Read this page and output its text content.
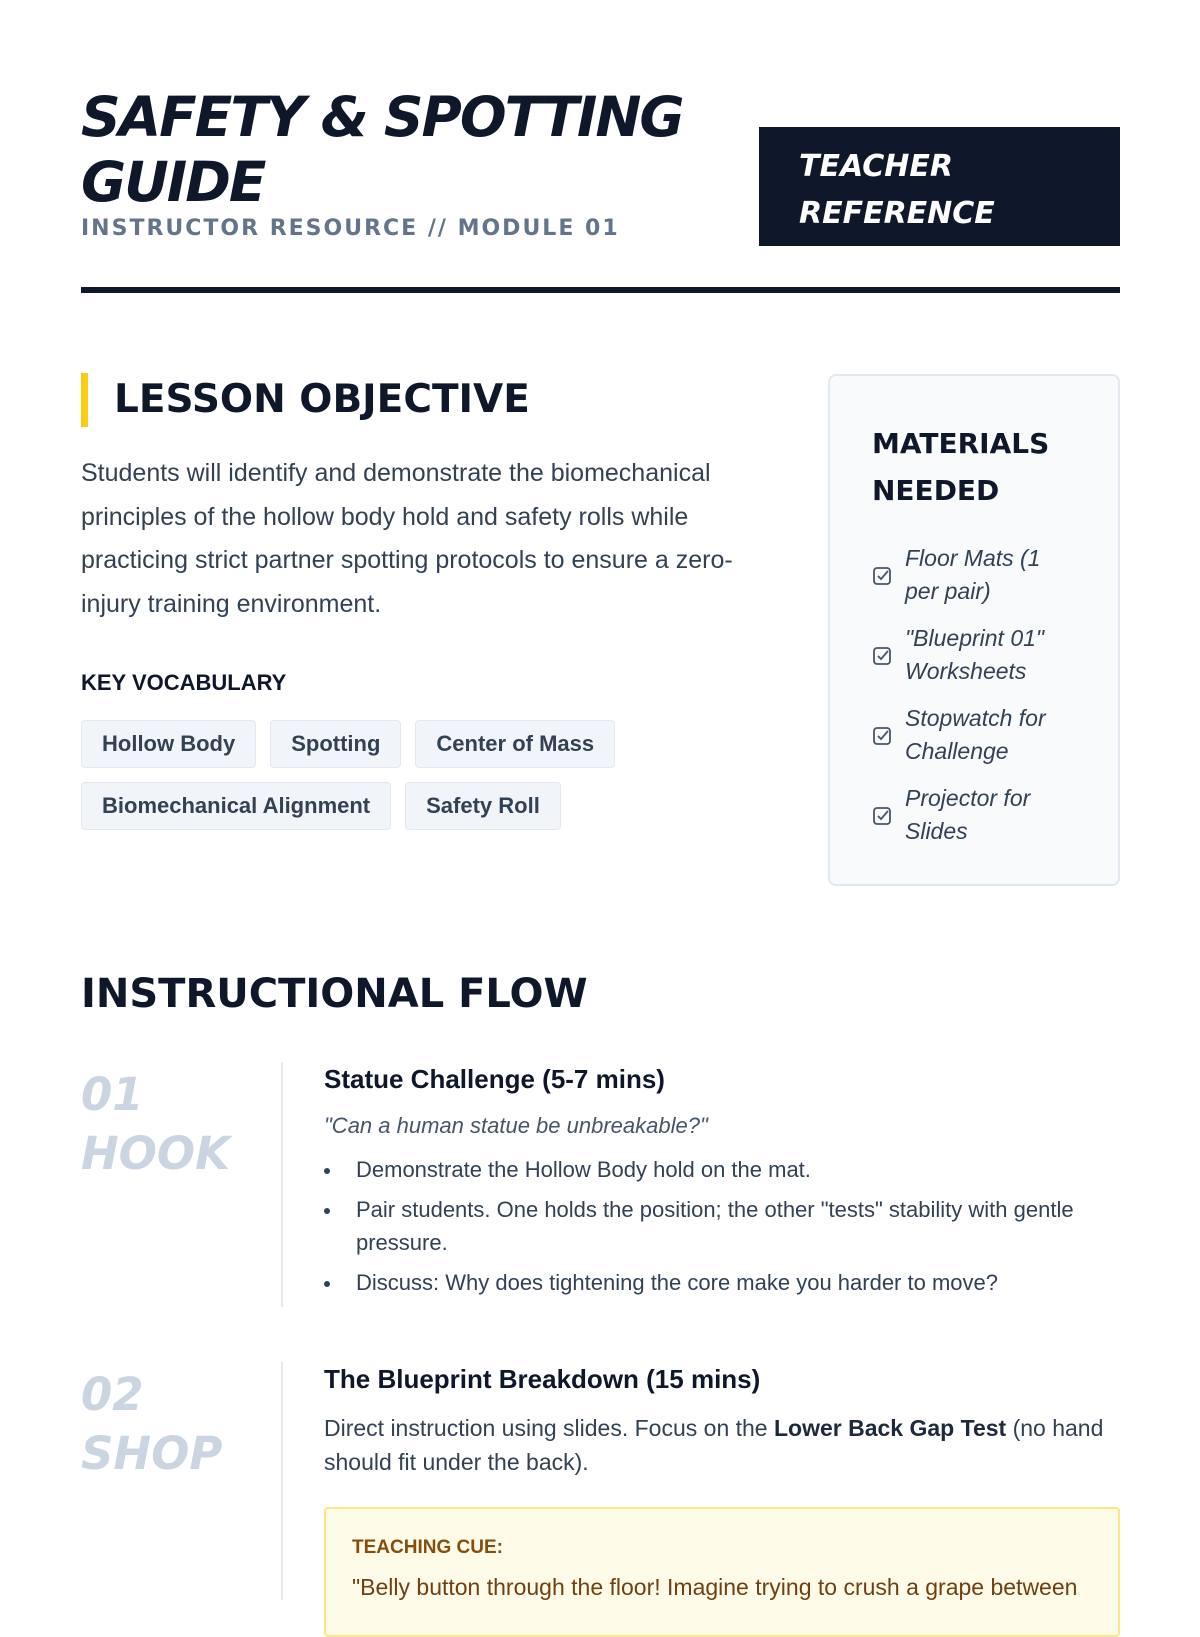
SAFETY & SPOTTING GUIDE
INSTRUCTOR RESOURCE // MODULE 01
TEACHER REFERENCE
LESSON OBJECTIVE
Students will identify and demonstrate the biomechanical principles of the hollow body hold and safety rolls while practicing strict partner spotting protocols to ensure a zero-injury training environment.
KEY VOCABULARY
Hollow Body	Spotting	Center of Mass
Biomechanical Alignment	Safety Roll
MATERIALS NEEDED
Floor Mats (1 per pair)
"Blueprint 01" Worksheets
Stopwatch for Challenge
Projector for Slides
INSTRUCTIONAL FLOW
01
HOOK
Statue Challenge (5-7 mins)
"Can a human statue be unbreakable?"
Demonstrate the Hollow Body hold on the mat.
Pair students. One holds the position; the other "tests" stability with gentle pressure.
Discuss: Why does tightening the core make you harder to move?
02
SHOP
The Blueprint Breakdown (15 mins)
Direct instruction using slides. Focus on the Lower Back Gap Test (no hand should fit under the back).
TEACHING CUE:
"Belly button through the floor! Imagine trying to crush a grape between
